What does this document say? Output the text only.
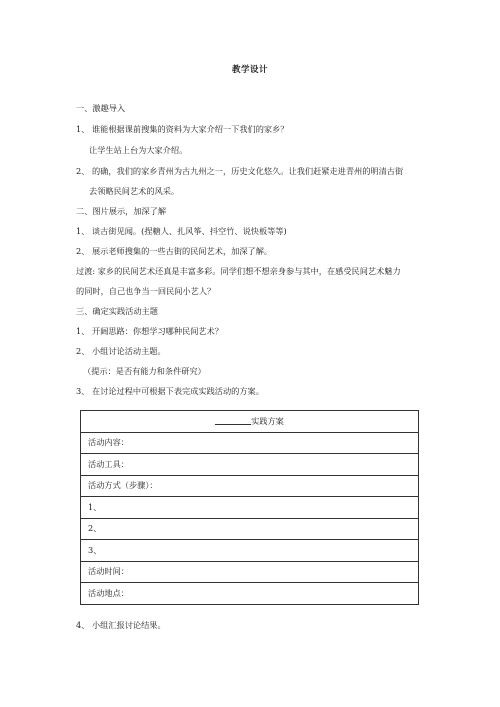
教学设计
一、激趣导入
1、 谁能根据课前搜集的资料为大家介绍一下我们的家乡？
让学生站上台为大家介绍。
2、 的确，我们的家乡青州为古九州之一，历史文化悠久。让我们赶紧走进青州的明清古街
去领略民间艺术的风采。
二、图片展示，加深了解
1、 谈古街见闻。(捏糖人、扎风筝、抖空竹、说快板等等)
2、 展示老师搜集的一些古街的民间艺术，加深了解。
过渡: 家乡的民间艺术还真是丰富多彩。同学们想不想亲身参与其中，在感受民间艺术魅力
的同时，自己也争当一回民间小艺人？
三、确定实践活动主题
1、 开阔思路：你想学习哪种民间艺术？
2、 小组讨论活动主题。
（提示：是否有能力和条件研究）
3、 在讨论过程中可根据下表完成实践活动的方案。
实践方案
活动内容：
活动工具：
活动方式（步骤）：
1、
2、
3、
活动时间：
活动地点：
4、 小组汇报讨论结果。
